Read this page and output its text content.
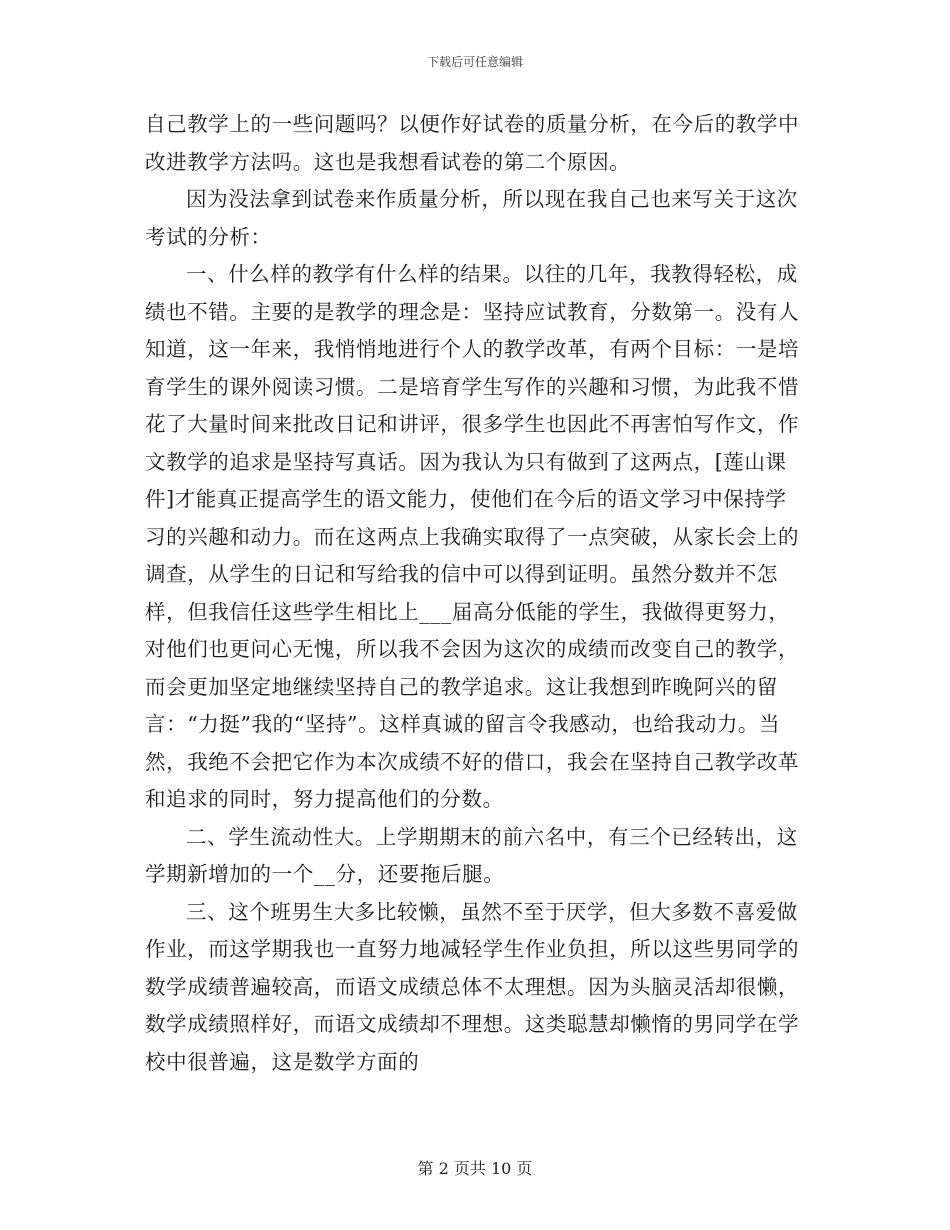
下载后可任意编辑

自己教学上的一些问题吗？以便作好试卷的质量分析，在今后的教学中改进教学方法吗。这也是我想看试卷的第二个原因。

因为没法拿到试卷来作质量分析，所以现在我自己也来写关于这次考试的分析：

一、什么样的教学有什么样的结果。以往的几年，我教得轻松，成绩也不错。主要的是教学的理念是：坚持应试教育，分数第一。没有人知道，这一年来，我悄悄地进行个人的教学改革，有两个目标：一是培育学生的课外阅读习惯。二是培育学生写作的兴趣和习惯，为此我不惜花了大量时间来批改日记和讲评，很多学生也因此不再害怕写作文，作文教学的追求是坚持写真话。因为我认为只有做到了这两点，[莲山课件]才能真正提高学生的语文能力，使他们在今后的语文学习中保持学习的兴趣和动力。而在这两点上我确实取得了一点突破，从家长会上的调查，从学生的日记和写给我的信中可以得到证明。虽然分数并不怎样，但我信任这些学生相比上___届高分低能的学生，我做得更努力，对他们也更问心无愧，所以我不会因为这次的成绩而改变自己的教学，而会更加坚定地继续坚持自己的教学追求。这让我想到昨晚阿兴的留言：“力挺”我的“坚持”。这样真诚的留言令我感动，也给我动力。当然，我绝不会把它作为本次成绩不好的借口，我会在坚持自己教学改革和追求的同时，努力提高他们的分数。

二、学生流动性大。上学期期末的前六名中，有三个已经转出，这学期新增加的一个__分，还要拖后腿。

三、这个班男生大多比较懒，虽然不至于厌学，但大多数不喜爱做作业，而这学期我也一直努力地减轻学生作业负担，所以这些男同学的数学成绩普遍较高，而语文成绩总体不太理想。因为头脑灵活却很懒，数学成绩照样好，而语文成绩却不理想。这类聪慧却懒惰的男同学在学校中很普遍，这是数学方面的

第 2 页共 10 页
